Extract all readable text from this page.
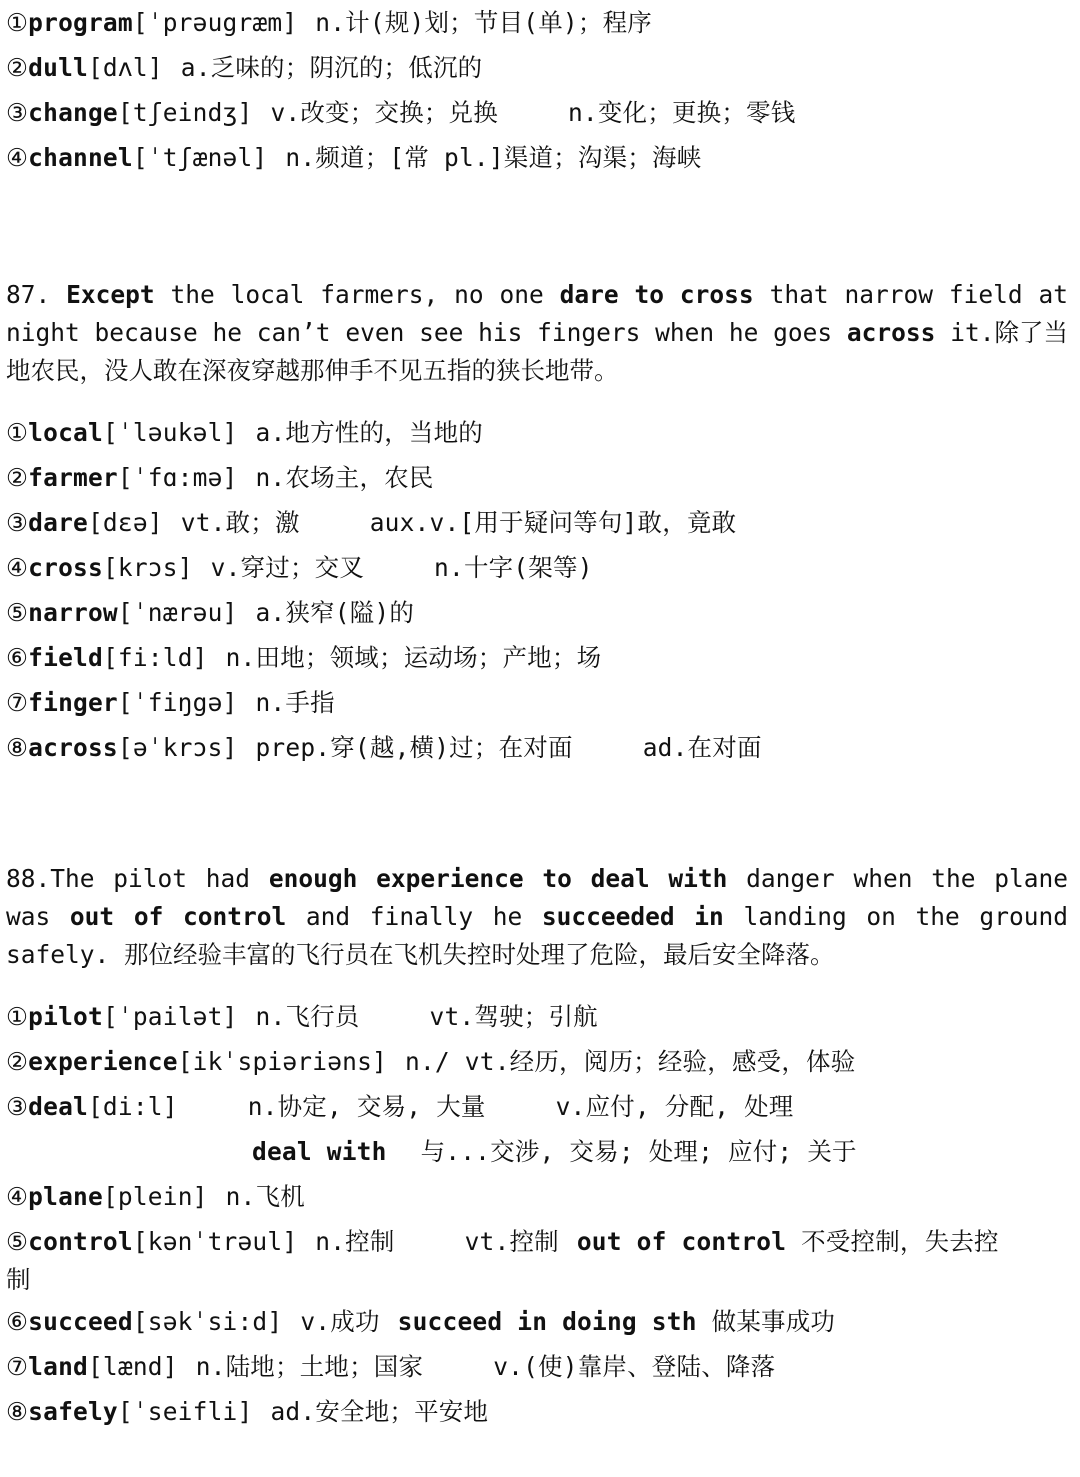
①program[ˈprəugræm] n.计(规)划；节目(单)；程序
②dull[dʌl] a.乏味的；阴沉的；低沉的
③change[tʃeindʒ] v.改变；交换；兑换	n.变化；更换；零钱
④channel[ˈtʃænəl] n.频道；[常 pl.]渠道；沟渠；海峡
87. Except the local farmers, no one dare to cross that narrow field at night because he can’t even see his fingers when he goes across it.除了当地农民，没人敢在深夜穿越那伸手不见五指的狭长地带。
①local[ˈləukəl] a.地方性的，当地的
②farmer[ˈfɑ:mə] n.农场主，农民
③dare[dɛə] vt.敢；激	aux.v.[用于疑问等句]敢，竟敢
④cross[krɔs] v.穿过；交叉	n.十字(架等)
⑤narrow[ˈnærəu] a.狭窄(隘)的
⑥field[fi:ld] n.田地；领域；运动场；产地；场
⑦finger[ˈfiŋgə] n.手指
⑧across[əˈkrɔs] prep.穿(越,横)过；在对面	ad.在对面
88.The pilot had enough experience to deal with danger when the plane was out of control and finally he succeeded in landing on the ground safely. 那位经验丰富的飞行员在飞机失控时处理了危险，最后安全降落。
①pilot[ˈpailət] n.飞行员	vt.驾驶；引航
②experience[ikˈspiəriəns] n./ vt.经历，阅历；经验，感受，体验
③deal[di:l]	n.协定, 交易, 大量	v.应付, 分配, 处理
deal with 与...交涉, 交易; 处理; 应付; 关于
④plane[plein] n.飞机
⑤control[kənˈtrəul] n.控制	vt.控制 out of control 不受控制，失去控
制
⑥succeed[səkˈsi:d] v.成功 succeed in doing sth 做某事成功
⑦land[lænd] n.陆地；土地；国家	v.(使)靠岸、登陆、降落
⑧safely[ˈseifli] ad.安全地；平安地
